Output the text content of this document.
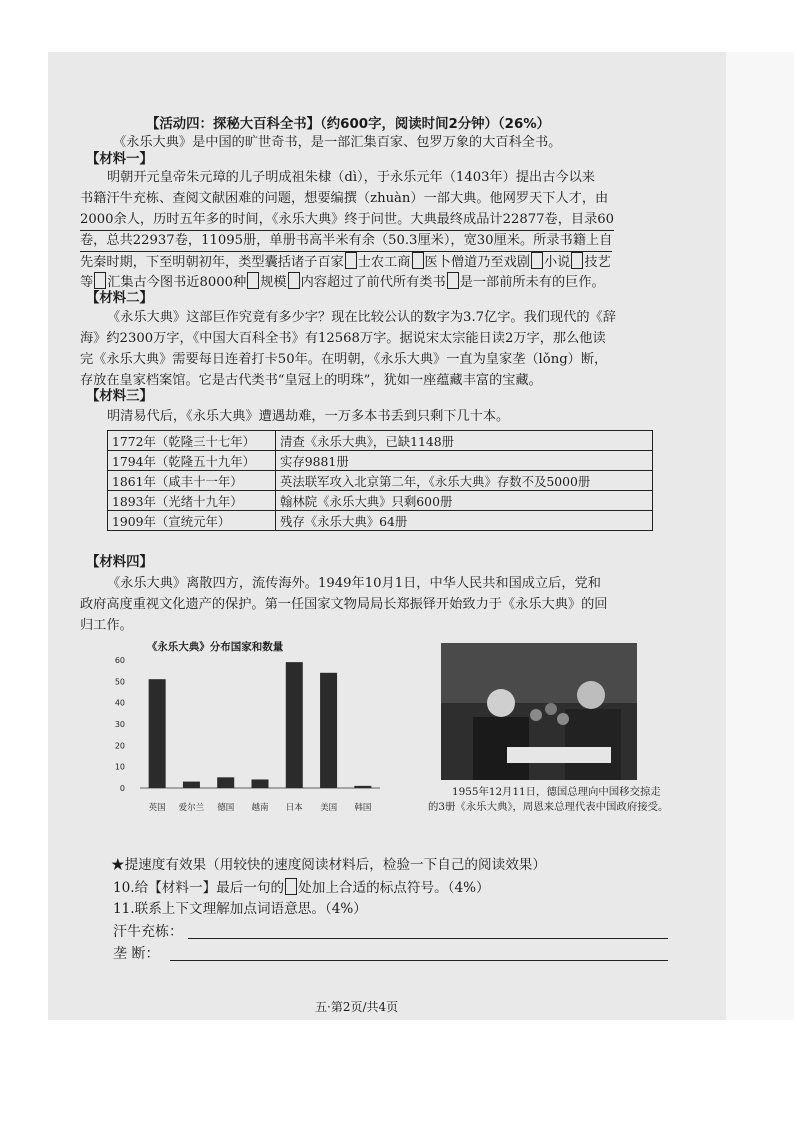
【活动四：探秘大百科全书】（约600字，阅读时间2分钟）（26%）
《永乐大典》是中国的旷世奇书，是一部汇集百家、包罗万象的大百科全书。
【材料一】
明朝开元皇帝朱元璋的儿子明成祖朱棣（dì），于永乐元年（1403年）提出古今以来
书籍汗牛充栋、查阅文献困难的问题，想要编撰（zhuàn）一部大典。他网罗天下人才，由
2000余人，历时五年多的时间，《永乐大典》终于问世。大典最终成品计22877卷，目录60
卷，总共22937卷，11095册，单册书高半米有余（50.3厘米），宽30厘米。所录书籍上自
先秦时期，下至明朝初年，类型囊括诸子百家 士农工商 医卜僧道乃至戏剧 小说 技艺
等 汇集古今图书近8000种 规模 内容超过了前代所有类书 是一部前所未有的巨作。
【材料二】
《永乐大典》这部巨作究竟有多少字？现在比较公认的数字为3.7亿字。我们现代的《辞
海》约2300万字，《中国大百科全书》有12568万字。据说宋太宗能日读2万字，那么他读
完《永乐大典》需要每日连着打卡50年。在明朝，《永乐大典》一直为皇家垄（lǒng）断，
存放在皇家档案馆。它是古代类书“皇冠上的明珠”，犹如一座蕴藏丰富的宝藏。
【材料三】
明清易代后，《永乐大典》遭遇劫难，一万多本书丢到只剩下几十本。
1772年（乾隆三十七年）	清查《永乐大典》，已缺1148册
1794年（乾隆五十九年）	实存9881册
1861年（咸丰十一年）	英法联军攻入北京第二年，《永乐大典》存数不及5000册
1893年（光绪十九年）	翰林院《永乐大典》只剩600册
1909年（宣统元年）	残存《永乐大典》64册
【材料四】
《永乐大典》离散四方，流传海外。1949年10月1日，中华人民共和国成立后，党和
政府高度重视文化遗产的保护。第一任国家文物局局长郑振铎开始致力于《永乐大典》的回
归工作。
《永乐大典》分布国家和数量
0
10
20
30
40
50
60
英国 爱尔兰 德国 越南 日本 美国 韩国
1955年12月11日，德国总理向中国移交掠走
的3册《永乐大典》，周恩来总理代表中国政府接受。
★提速度有效果（用较快的速度阅读材料后，检验一下自己的阅读效果）
10.给【材料一】最后一句的 处加上合适的标点符号。（4%）
11.联系上下文理解加点词语意思。（4%）
汗牛充栋：
垄 断：
五·第2页/共4页
